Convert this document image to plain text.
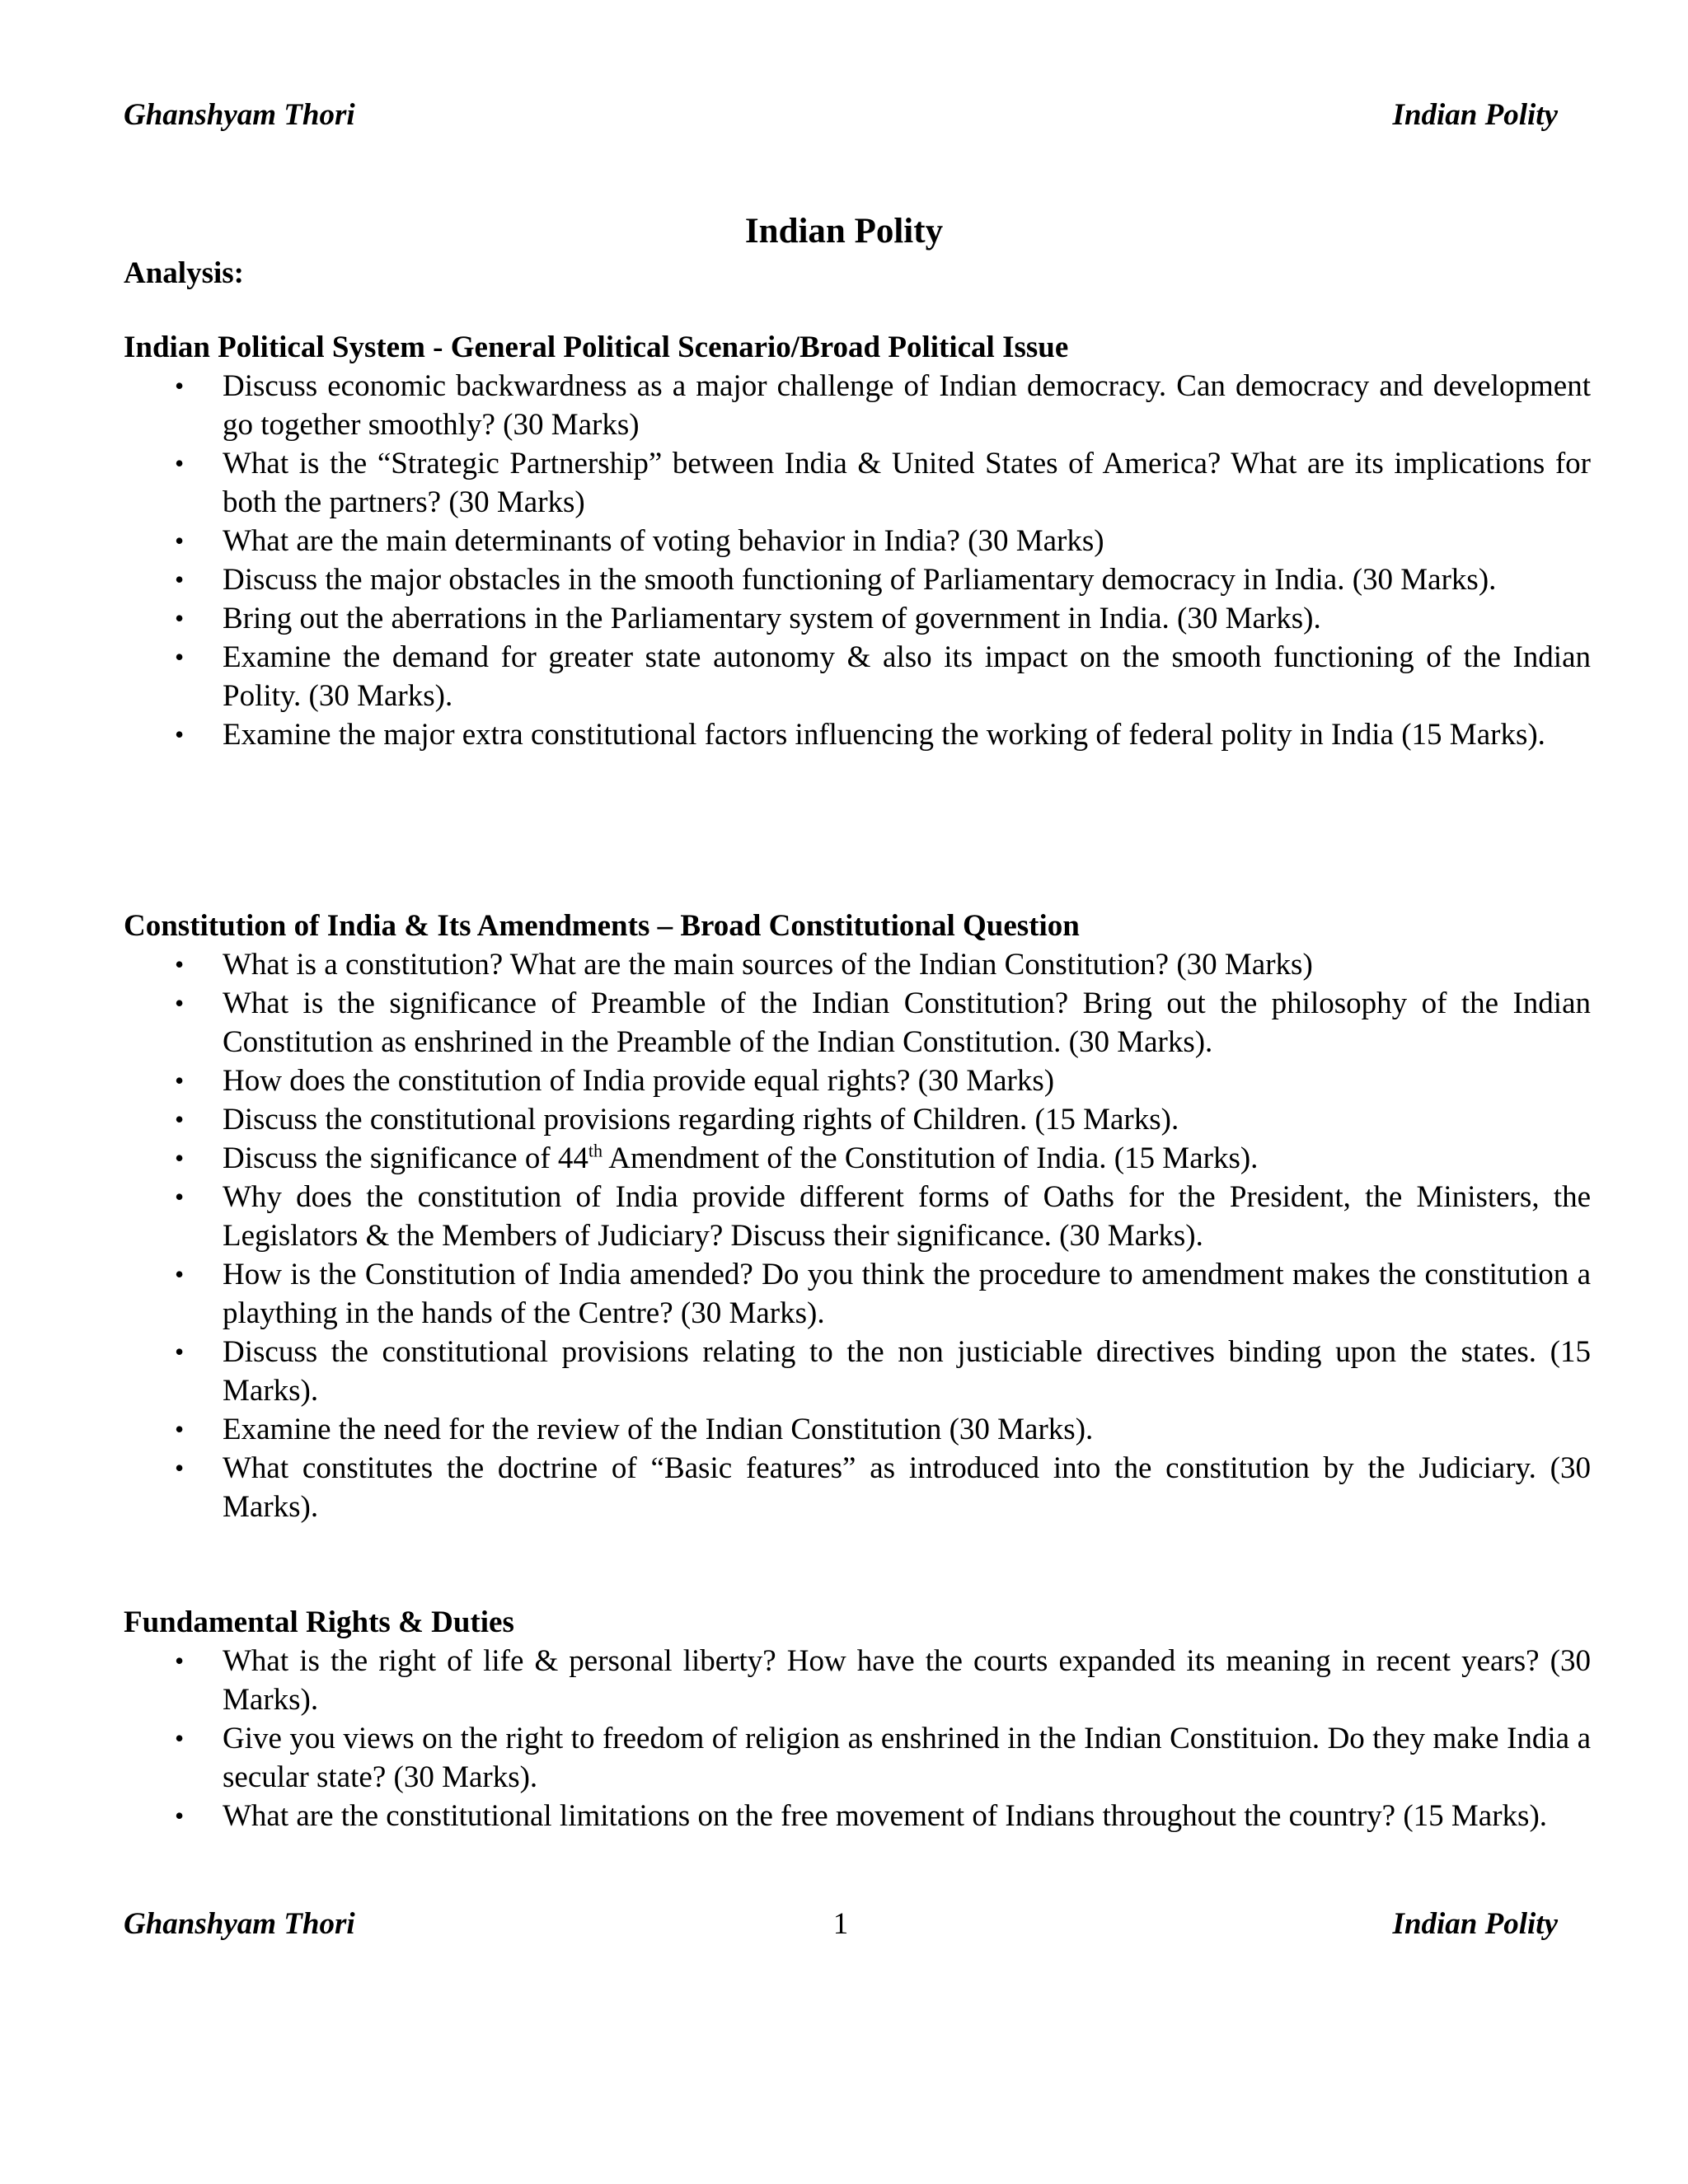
Ghanshyam Thori	Indian Polity
Indian Polity
Analysis:
Indian Political System - General Political Scenario/Broad Political Issue
• Discuss economic backwardness as a major challenge of Indian democracy. Can democracy and development go together smoothly? (30 Marks)
• What is the “Strategic Partnership” between India & United States of America? What are its implications for both the partners? (30 Marks)
• What are the main determinants of voting behavior in India? (30 Marks)
• Discuss the major obstacles in the smooth functioning of Parliamentary democracy in India. (30 Marks).
• Bring out the aberrations in the Parliamentary system of government in India. (30 Marks).
• Examine the demand for greater state autonomy & also its impact on the smooth functioning of the Indian Polity. (30 Marks).
• Examine the major extra constitutional factors influencing the working of federal polity in India (15 Marks).
Constitution of India & Its Amendments – Broad Constitutional Question
• What is a constitution? What are the main sources of the Indian Constitution? (30 Marks)
• What is the significance of Preamble of the Indian Constitution? Bring out the philosophy of the Indian Constitution as enshrined in the Preamble of the Indian Constitution. (30 Marks).
• How does the constitution of India provide equal rights? (30 Marks)
• Discuss the constitutional provisions regarding rights of Children. (15 Marks).
• Discuss the significance of 44th Amendment of the Constitution of India. (15 Marks).
• Why does the constitution of India provide different forms of Oaths for the President, the Ministers, the Legislators & the Members of Judiciary? Discuss their significance. (30 Marks).
• How is the Constitution of India amended? Do you think the procedure to amendment makes the constitution a plaything in the hands of the Centre? (30 Marks).
• Discuss the constitutional provisions relating to the non justiciable directives binding upon the states. (15 Marks).
• Examine the need for the review of the Indian Constitution (30 Marks).
• What constitutes the doctrine of “Basic features” as introduced into the constitution by the Judiciary. (30 Marks).
Fundamental Rights & Duties
• What is the right of life & personal liberty? How have the courts expanded its meaning in recent years? (30 Marks).
• Give you views on the right to freedom of religion as enshrined in the Indian Constituion. Do they make India a secular state? (30 Marks).
• What are the constitutional limitations on the free movement of Indians throughout the country? (15 Marks).
Ghanshyam Thori	1	Indian Polity
